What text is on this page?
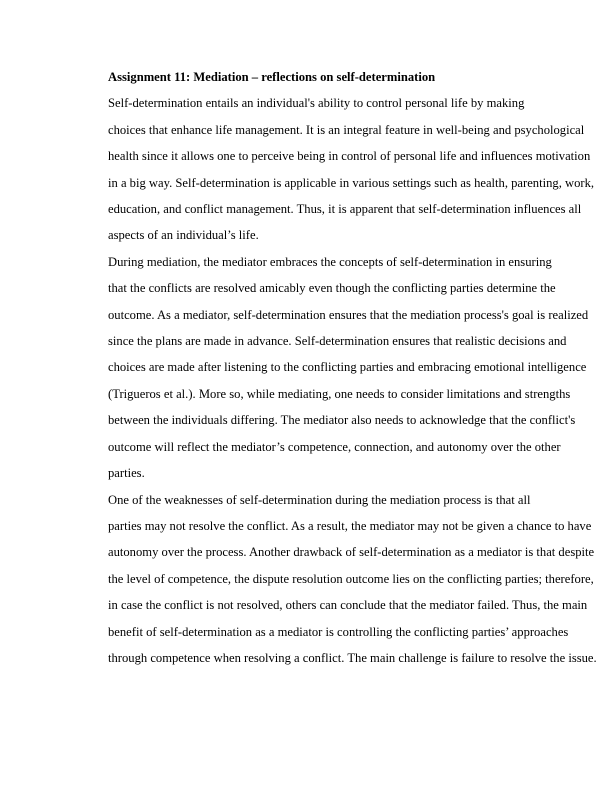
Assignment 11: Mediation – reflections on self-determination

Self-determination entails an individual's ability to control personal life by making
choices that enhance life management. It is an integral feature in well-being and psychological
health since it allows one to perceive being in control of personal life and influences motivation
in a big way. Self-determination is applicable in various settings such as health, parenting, work,
education, and conflict management. Thus, it is apparent that self-determination influences all
aspects of an individual’s life.

During mediation, the mediator embraces the concepts of self-determination in ensuring
that the conflicts are resolved amicably even though the conflicting parties determine the
outcome. As a mediator, self-determination ensures that the mediation process's goal is realized
since the plans are made in advance. Self-determination ensures that realistic decisions and
choices are made after listening to the conflicting parties and embracing emotional intelligence
(Trigueros et al.). More so, while mediating, one needs to consider limitations and strengths
between the individuals differing. The mediator also needs to acknowledge that the conflict's
outcome will reflect the mediator’s competence, connection, and autonomy over the other
parties.

One of the weaknesses of self-determination during the mediation process is that all
parties may not resolve the conflict. As a result, the mediator may not be given a chance to have
autonomy over the process. Another drawback of self-determination as a mediator is that despite
the level of competence, the dispute resolution outcome lies on the conflicting parties; therefore,
in case the conflict is not resolved, others can conclude that the mediator failed. Thus, the main
benefit of self-determination as a mediator is controlling the conflicting parties’ approaches
through competence when resolving a conflict. The main challenge is failure to resolve the issue.
